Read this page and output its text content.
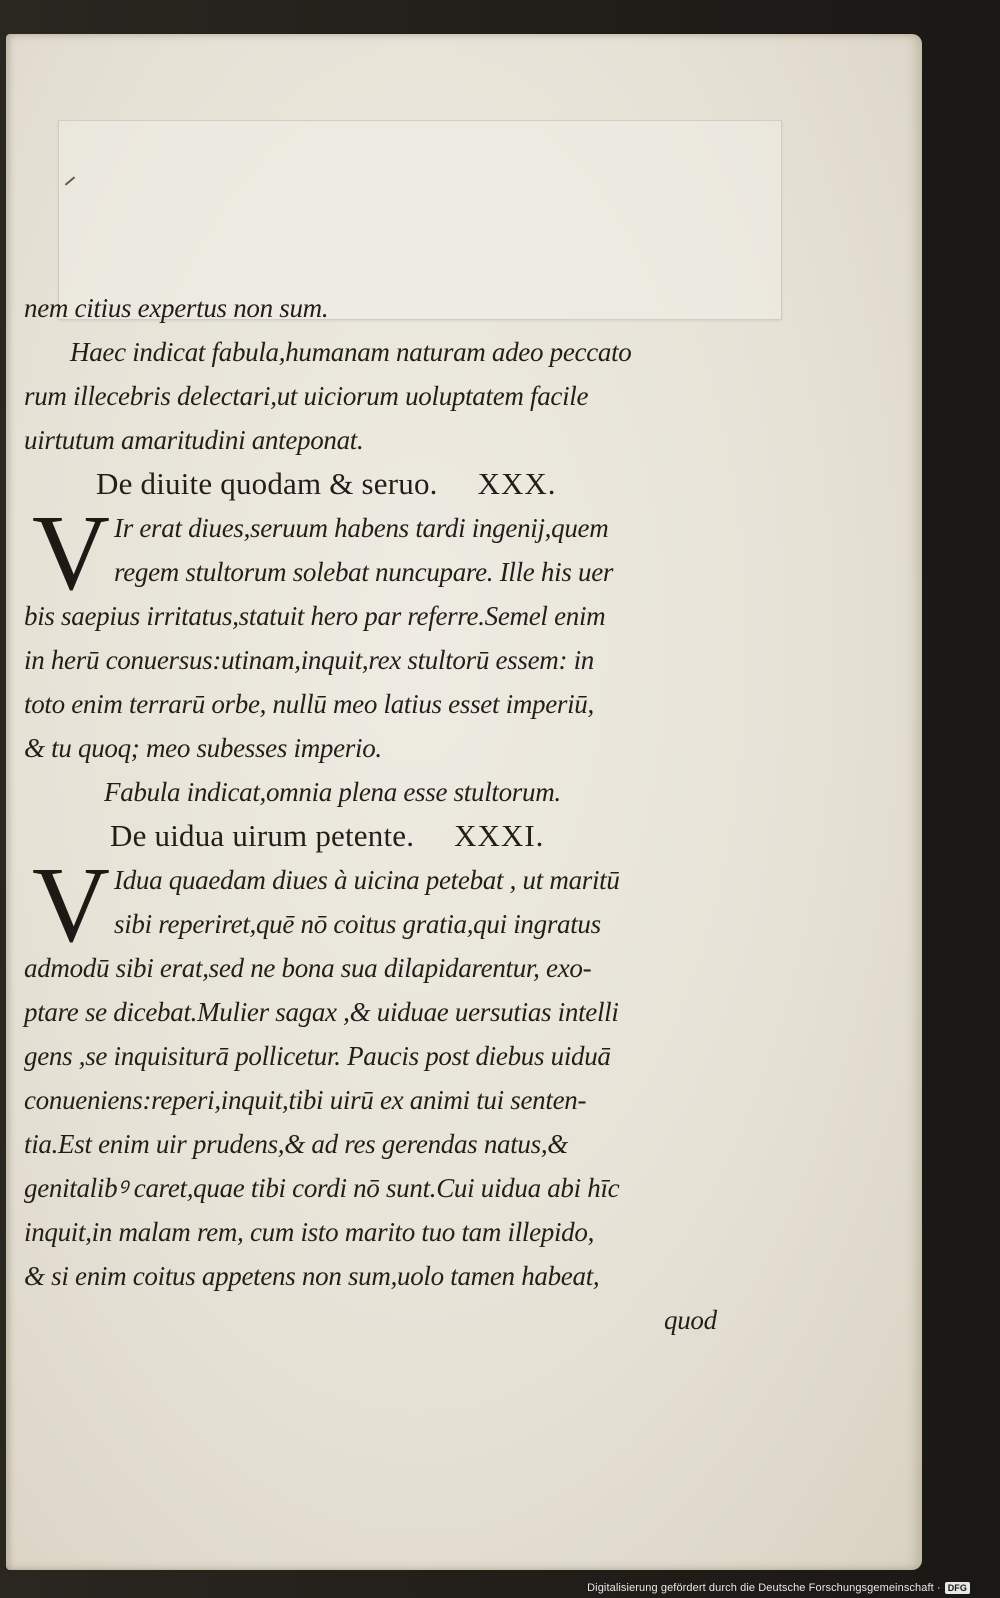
nem citius expertus non sum.
Haec indicat fabula,humanam naturam adeo peccato
rum illecebris delectari,ut uiciorum uoluptatem facile
uirtutum amaritudini anteponat.
De diuite quodam & seruo. XXX.
V Ir erat diues,seruum habens tardi ingenij,quem
regem stultorum solebat nuncupare. Ille his uer
bis saepius irritatus,statuit hero par referre.Semel enim
in herū conuersus:utinam,inquit,rex stultorū essem: in
toto enim terrarū orbe, nullū meo latius esset imperiū,
& tu quoq; meo subesses imperio.
Fabula indicat,omnia plena esse stultorum.
De uidua uirum petente. XXXI.
V Idua quaedam diues à uicina petebat , ut maritū
sibi reperiret,quē nō coitus gratia,qui ingratus
admodū sibi erat,sed ne bona sua dilapidarentur, exo-
ptare se dicebat.Mulier sagax ,& uiduae uersutias intelli
gens ,se inquisiturā pollicetur. Paucis post diebus uiduā
conueniens:reperi,inquit,tibi uirū ex animi tui senten-
tia.Est enim uir prudens,& ad res gerendas natus,&
genitalibꝰ caret,quae tibi cordi nō sunt.Cui uidua abi hīc
inquit,in malam rem, cum isto marito tuo tam illepido,
& si enim coitus appetens non sum,uolo tamen habeat,
quod
Digitalisierung gefördert durch die Deutsche Forschungsgemeinschaft · DFG
